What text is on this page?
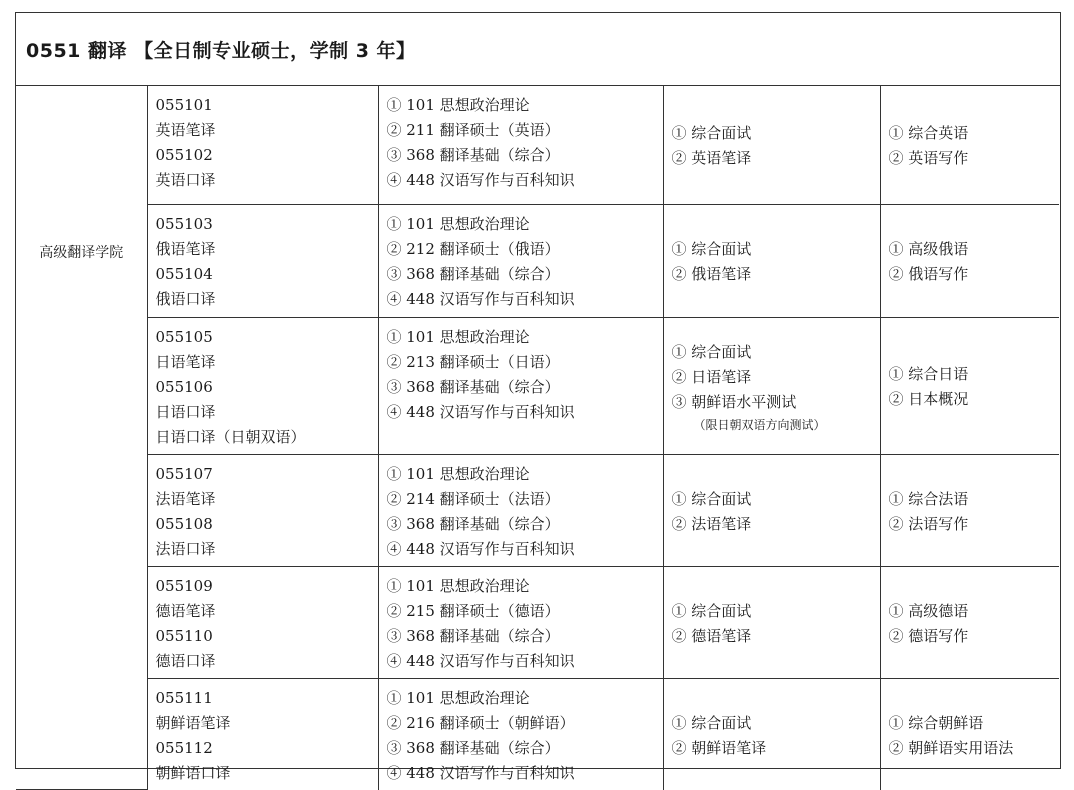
0551 翻译 【全日制专业硕士，学制 3 年】
高级翻译学院	055101
英语笔译
055102
英语口译	① 101 思想政治理论
② 211 翻译硕士（英语）
③ 368 翻译基础（综合）
④ 448 汉语写作与百科知识	① 综合面试
② 英语笔译	① 综合英语
② 英语写作

	055103
俄语笔译
055104
俄语口译	① 101 思想政治理论
② 212 翻译硕士（俄语）
③ 368 翻译基础（综合）
④ 448 汉语写作与百科知识	① 综合面试
② 俄语笔译	① 高级俄语
② 俄语写作

	055105
日语笔译
055106
日语口译
日语口译（日朝双语）	① 101 思想政治理论
② 213 翻译硕士（日语）
③ 368 翻译基础（综合）
④ 448 汉语写作与百科知识	① 综合面试
② 日语笔译
③ 朝鲜语水平测试
（限日朝双语方向测试）	① 综合日语
② 日本概况

	055107
法语笔译
055108
法语口译	① 101 思想政治理论
② 214 翻译硕士（法语）
③ 368 翻译基础（综合）
④ 448 汉语写作与百科知识	① 综合面试
② 法语笔译	① 综合法语
② 法语写作

	055109
德语笔译
055110
德语口译	① 101 思想政治理论
② 215 翻译硕士（德语）
③ 368 翻译基础（综合）
④ 448 汉语写作与百科知识	① 综合面试
② 德语笔译	① 高级德语
② 德语写作

	055111
朝鲜语笔译
055112
朝鲜语口译	① 101 思想政治理论
② 216 翻译硕士（朝鲜语）
③ 368 翻译基础（综合）
④ 448 汉语写作与百科知识	① 综合面试
② 朝鲜语笔译	① 综合朝鲜语
② 朝鲜语实用语法
